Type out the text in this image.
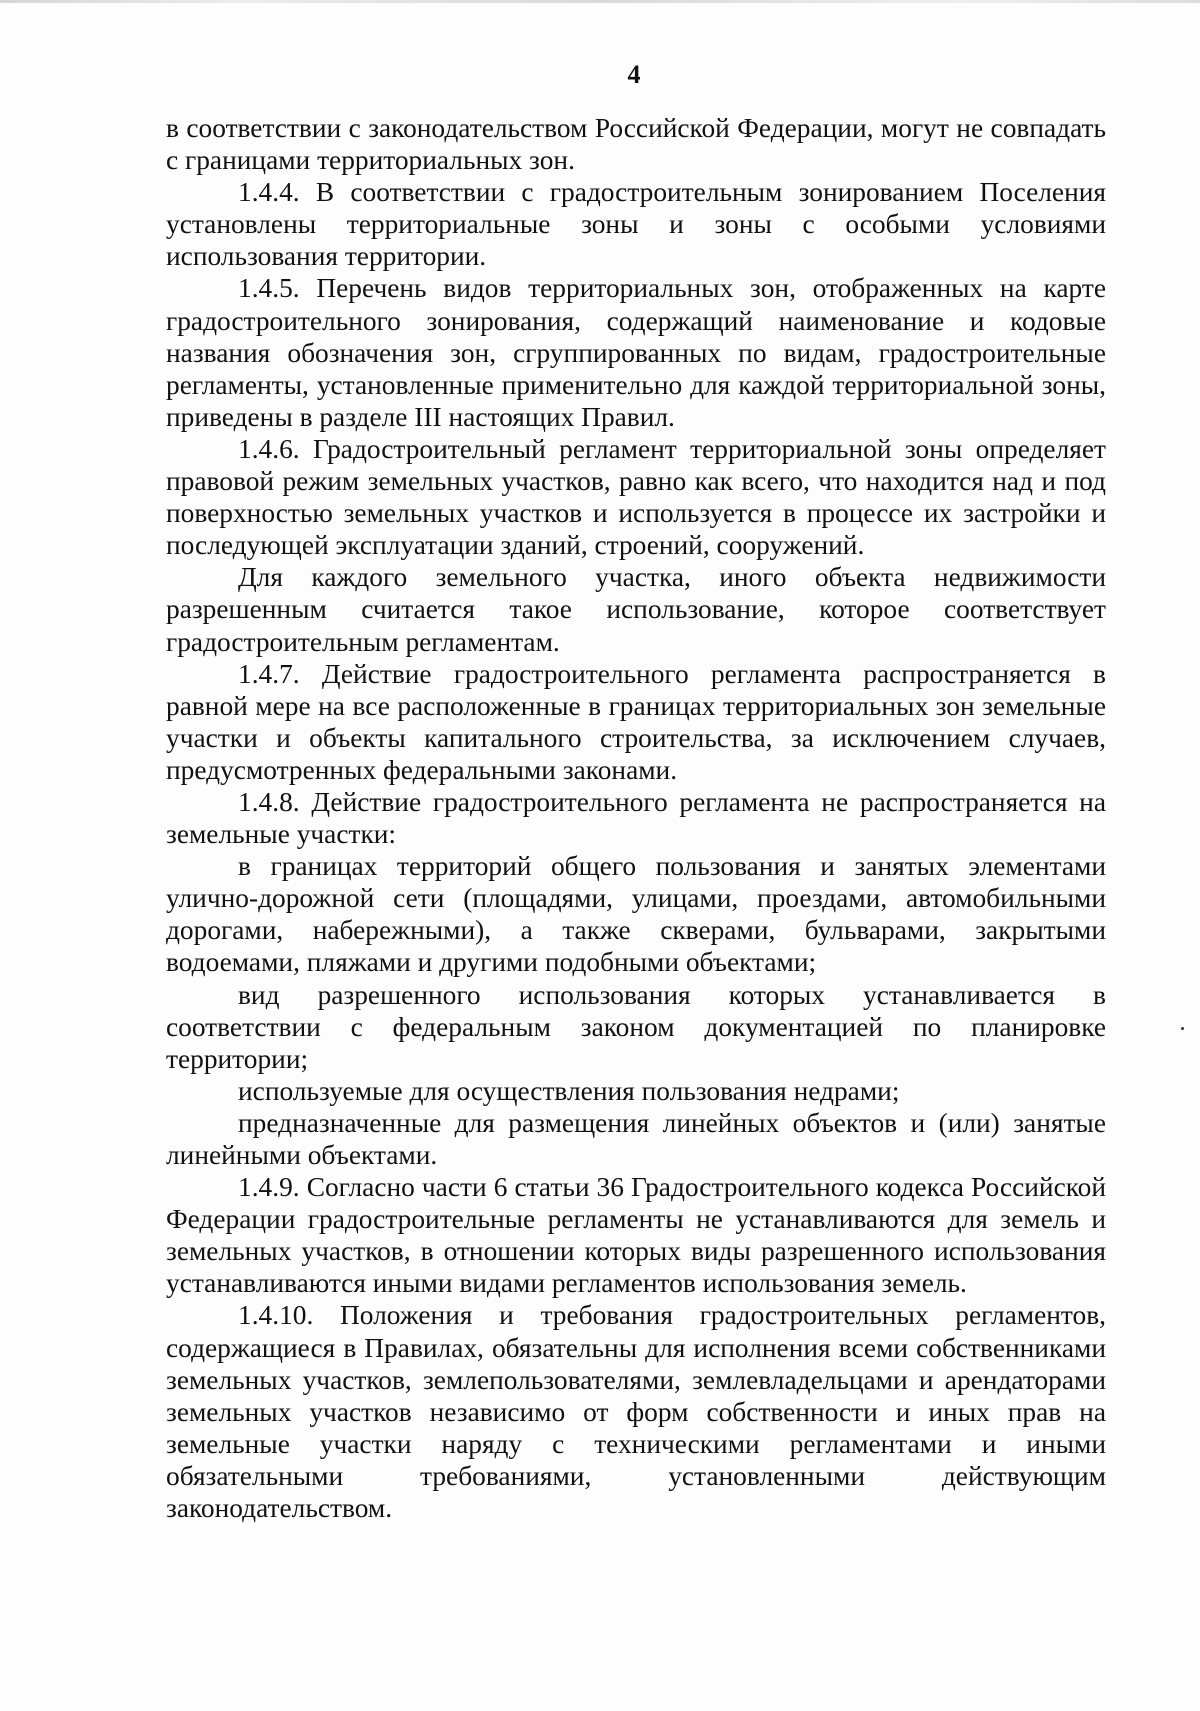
4

в соответствии с законодательством Российской Федерации, могут не совпадать с границами территориальных зон.

1.4.4. В соответствии с градостроительным зонированием Поселения установлены территориальные зоны и зоны с особыми условиями использования территории.

1.4.5. Перечень видов территориальных зон, отображенных на карте градостроительного зонирования, содержащий наименование и кодовые названия обозначения зон, сгруппированных по видам, градостроительные регламенты, установленные применительно для каждой территориальной зоны, приведены в разделе III настоящих Правил.

1.4.6. Градостроительный регламент территориальной зоны определяет правовой режим земельных участков, равно как всего, что находится над и под поверхностью земельных участков и используется в процессе их застройки и последующей эксплуатации зданий, строений, сооружений.

Для каждого земельного участка, иного объекта недвижимости разрешенным считается такое использование, которое соответствует градостроительным регламентам.

1.4.7. Действие градостроительного регламента распространяется в равной мере на все расположенные в границах территориальных зон земельные участки и объекты капитального строительства, за исключением случаев, предусмотренных федеральными законами.

1.4.8. Действие градостроительного регламента не распространяется на земельные участки:

в границах территорий общего пользования и занятых элементами улично-дорожной сети (площадями, улицами, проездами, автомобильными дорогами, набережными), а также скверами, бульварами, закрытыми водоемами, пляжами и другими подобными объектами;

вид разрешенного использования которых устанавливается в соответствии с федеральным законом документацией по планировке территории;

используемые для осуществления пользования недрами;

предназначенные для размещения линейных объектов и (или) занятые линейными объектами.

1.4.9. Согласно части 6 статьи 36 Градостроительного кодекса Российской Федерации градостроительные регламенты не устанавливаются для земель и земельных участков, в отношении которых виды разрешенного использования устанавливаются иными видами регламентов использования земель.

1.4.10. Положения и требования градостроительных регламентов, содержащиеся в Правилах, обязательны для исполнения всеми собственниками земельных участков, землепользователями, землевладельцами и арендаторами земельных участков независимо от форм собственности и иных прав на земельные участки наряду с техническими регламентами и иными обязательными требованиями, установленными действующим законодательством.
